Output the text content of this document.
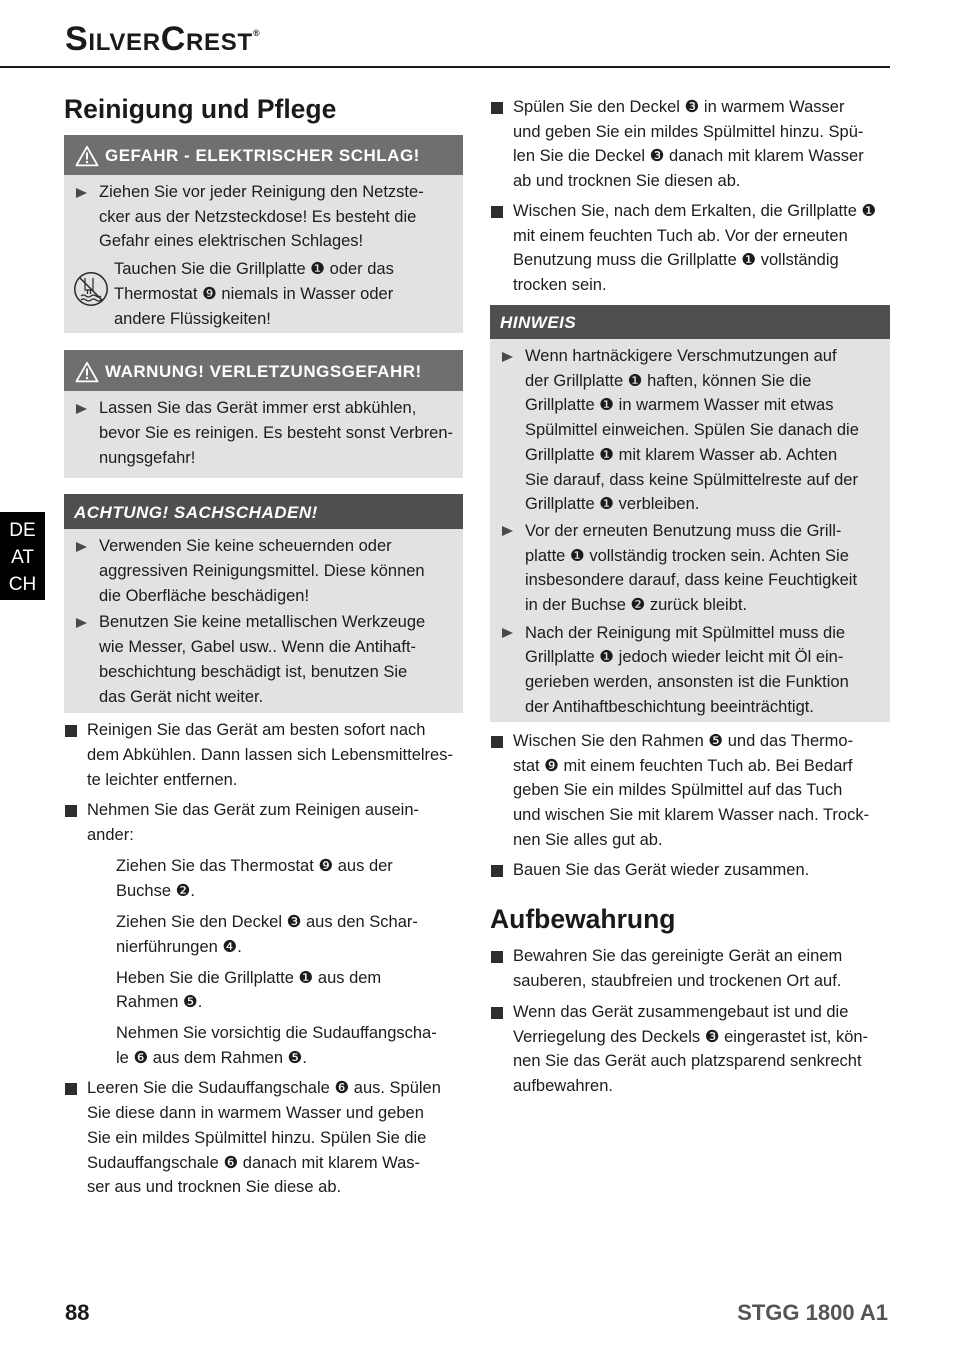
SilverCrest ®
DE
AT
CH
Reinigung und Pflege
GEFAHR - ELEKTRISCHER SCHLAG!
Ziehen Sie vor jeder Reinigung den Netzste-
cker aus der Netzsteckdose! Es besteht die
Gefahr eines elektrischen Schlages!
Tauchen Sie die Grillplatte ❶ oder das
Thermostat ❾ niemals in Wasser oder
andere Flüssigkeiten!
WARNUNG! VERLETZUNGSGEFAHR!
Lassen Sie das Gerät immer erst abkühlen,
bevor Sie es reinigen. Es besteht sonst Verbren-
nungsgefahr!
ACHTUNG! SACHSCHADEN!
Verwenden Sie keine scheuernden oder
aggressiven Reinigungsmittel. Diese können
die Oberfläche beschädigen!
Benutzen Sie keine metallischen Werkzeuge
wie Messer, Gabel usw.. Wenn die Antihaft-
beschichtung beschädigt ist, benutzen Sie
das Gerät nicht weiter.
Reinigen Sie das Gerät am besten sofort nach
dem Abkühlen. Dann lassen sich Lebensmittelres-
te leichter entfernen.
Nehmen Sie das Gerät zum Reinigen ausein-
ander:
Ziehen Sie das Thermostat ❾ aus der
Buchse ❷.
Ziehen Sie den Deckel ❸ aus den Schar-
nierführungen ❹.
Heben Sie die Grillplatte ❶ aus dem
Rahmen ❺.
Nehmen Sie vorsichtig die Sudauffangscha-
le ❻ aus dem Rahmen ❺.
Leeren Sie die Sudauffangschale ❻ aus. Spülen
Sie diese dann in warmem Wasser und geben
Sie ein mildes Spülmittel hinzu. Spülen Sie die
Sudauffangschale ❻ danach mit klarem Was-
ser aus und trocknen Sie diese ab.
Spülen Sie den Deckel ❸ in warmem Wasser
und geben Sie ein mildes Spülmittel hinzu. Spü-
len Sie die Deckel ❸ danach mit klarem Wasser
ab und trocknen Sie diesen ab.
Wischen Sie, nach dem Erkalten, die Grillplatte ❶
mit einem feuchten Tuch ab. Vor der erneuten
Benutzung muss die Grillplatte ❶ vollständig
trocken sein.
HINWEIS
Wenn hartnäckigere Verschmutzungen auf
der Grillplatte ❶ haften, können Sie die
Grillplatte ❶ in warmem Wasser mit etwas
Spülmittel einweichen. Spülen Sie danach die
Grillplatte ❶ mit klarem Wasser ab. Achten
Sie darauf, dass keine Spülmittelreste auf der
Grillplatte ❶ verbleiben.
Vor der erneuten Benutzung muss die Grill-
platte ❶ vollständig trocken sein. Achten Sie
insbesondere darauf, dass keine Feuchtigkeit
in der Buchse ❷ zurück bleibt.
Nach der Reinigung mit Spülmittel muss die
Grillplatte ❶ jedoch wieder leicht mit Öl ein-
gerieben werden, ansonsten ist die Funktion
der Antihaftbeschichtung beeinträchtigt.
Wischen Sie den Rahmen ❺ und das Thermo-
stat ❾ mit einem feuchten Tuch ab. Bei Bedarf
geben Sie ein mildes Spülmittel auf das Tuch
und wischen Sie mit klarem Wasser nach. Trock-
nen Sie alles gut ab.
Bauen Sie das Gerät wieder zusammen.
Aufbewahrung
Bewahren Sie das gereinigte Gerät an einem
sauberen, staubfreien und trockenen Ort auf.
Wenn das Gerät zusammengebaut ist und die
Verriegelung des Deckels ❸ eingerastet ist, kön-
nen Sie das Gerät auch platzsparend senkrecht
aufbewahren.
88	STGG 1800 A1
